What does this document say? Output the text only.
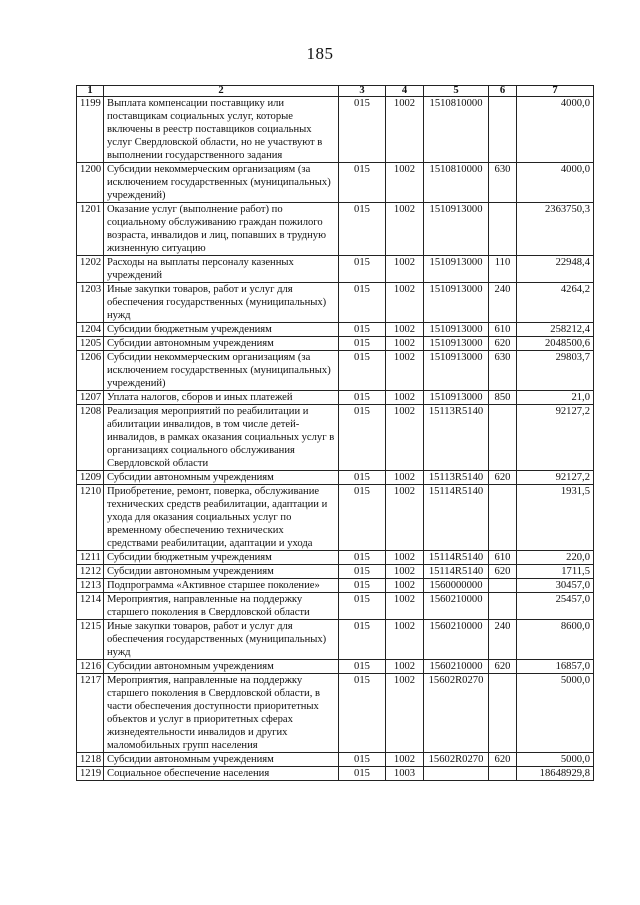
185
1	2	3	4	5	6	7
1199	Выплата компенсации поставщику или поставщикам социальных услуг, которые включены в реестр поставщиков социальных услуг Свердловской области, но не участвуют в выполнении государственного задания	015	1002	1510810000		4000,0

1200	Субсидии некоммерческим организациям (за исключением государственных (муниципальных) учреждений)	015	1002	1510810000	630	4000,0

1201	Оказание услуг (выполнение работ) по социальному обслуживанию граждан пожилого возраста, инвалидов и лиц, попавших в трудную жизненную ситуацию	015	1002	1510913000		2363750,3

1202	Расходы на выплаты персоналу казенных учреждений	015	1002	1510913000	110	22948,4

1203	Иные закупки товаров, работ и услуг для обеспечения государственных (муниципальных) нужд	015	1002	1510913000	240	4264,2

1204	Субсидии бюджетным учреждениям	015	1002	1510913000	610	258212,4

1205	Субсидии автономным учреждениям	015	1002	1510913000	620	2048500,6

1206	Субсидии некоммерческим организациям (за исключением государственных (муниципальных) учреждений)	015	1002	1510913000	630	29803,7

1207	Уплата налогов, сборов и иных платежей	015	1002	1510913000	850	21,0

1208	Реализация мероприятий по реабилитации и абилитации инвалидов, в том числе детей-инвалидов, в рамках оказания социальных услуг в организациях социального обслуживания Свердловской области	015	1002	15113R5140		92127,2

1209	Субсидии автономным учреждениям	015	1002	15113R5140	620	92127,2

1210	Приобретение, ремонт, поверка, обслуживание технических средств реабилитации, адаптации и ухода для оказания социальных услуг по временному обеспечению технических средствами реабилитации, адаптации и ухода	015	1002	15114R5140		1931,5

1211	Субсидии бюджетным учреждениям	015	1002	15114R5140	610	220,0

1212	Субсидии автономным учреждениям	015	1002	15114R5140	620	1711,5

1213	Подпрограмма «Активное старшее поколение»	015	1002	1560000000		30457,0

1214	Мероприятия, направленные на поддержку старшего поколения в Свердловской области	015	1002	1560210000		25457,0

1215	Иные закупки товаров, работ и услуг для обеспечения государственных (муниципальных) нужд	015	1002	1560210000	240	8600,0

1216	Субсидии автономным учреждениям	015	1002	1560210000	620	16857,0

1217	Мероприятия, направленные на поддержку старшего поколения в Свердловской области, в части обеспечения доступности приоритетных объектов и услуг в приоритетных сферах жизнедеятельности инвалидов и других маломобильных групп населения	015	1002	15602R0270		5000,0

1218	Субсидии автономным учреждениям	015	1002	15602R0270	620	5000,0

1219	Социальное обеспечение населения	015	1003			18648929,8
